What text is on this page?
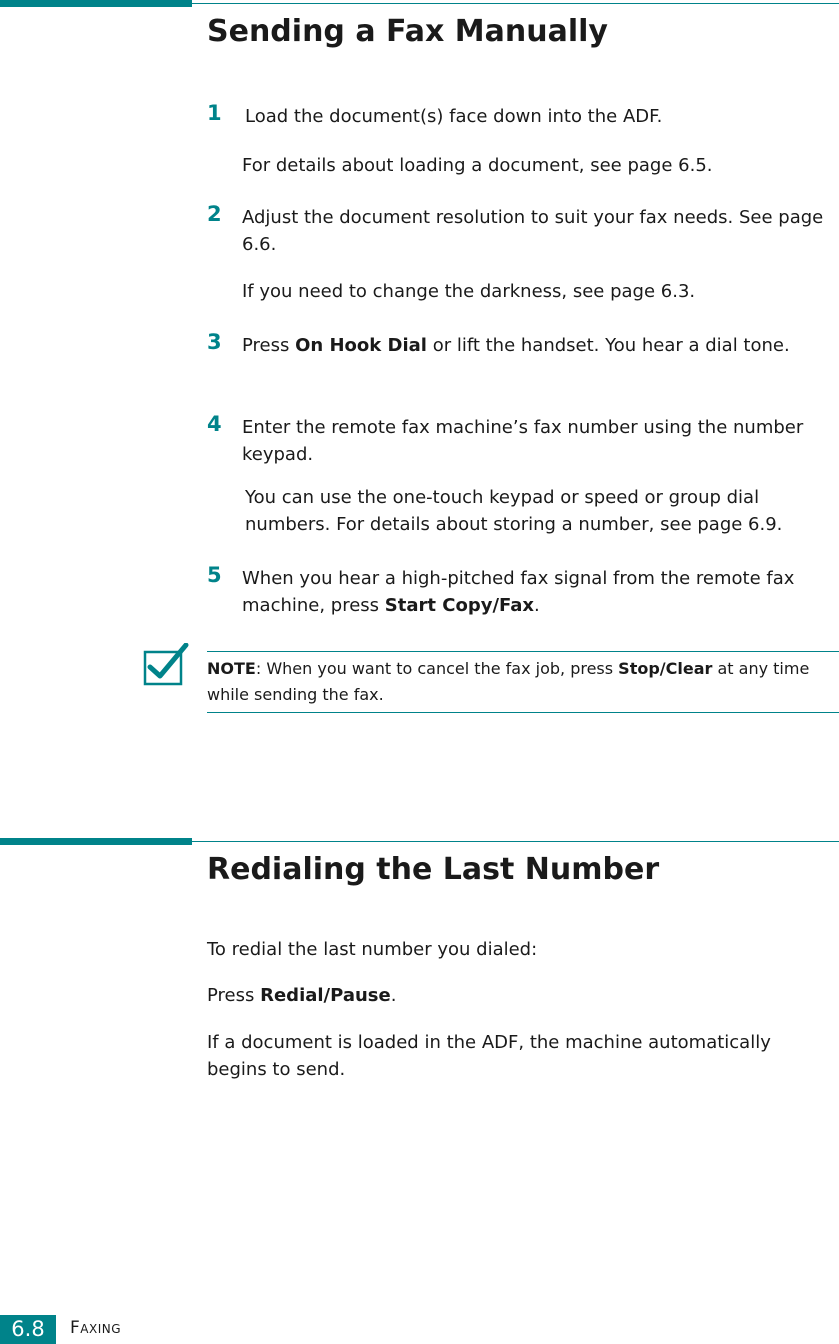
Sending a Fax Manually
1 Load the document(s) face down into the ADF.
For details about loading a document, see page 6.5.
2 Adjust the document resolution to suit your fax needs. See page 6.6.
If you need to change the darkness, see page 6.3.
3 Press On Hook Dial or lift the handset. You hear a dial tone.
4 Enter the remote fax machine’s fax number using the number keypad.
You can use the one-touch keypad or speed or group dial numbers. For details about storing a number, see page 6.9.
5 When you hear a high-pitched fax signal from the remote fax machine, press Start Copy/Fax.
NOTE: When you want to cancel the fax job, press Stop/Clear at any time while sending the fax.
Redialing the Last Number

To redial the last number you dialed:

Press Redial/Pause.

If a document is loaded in the ADF, the machine automatically begins to send.

6.8	Faxing
